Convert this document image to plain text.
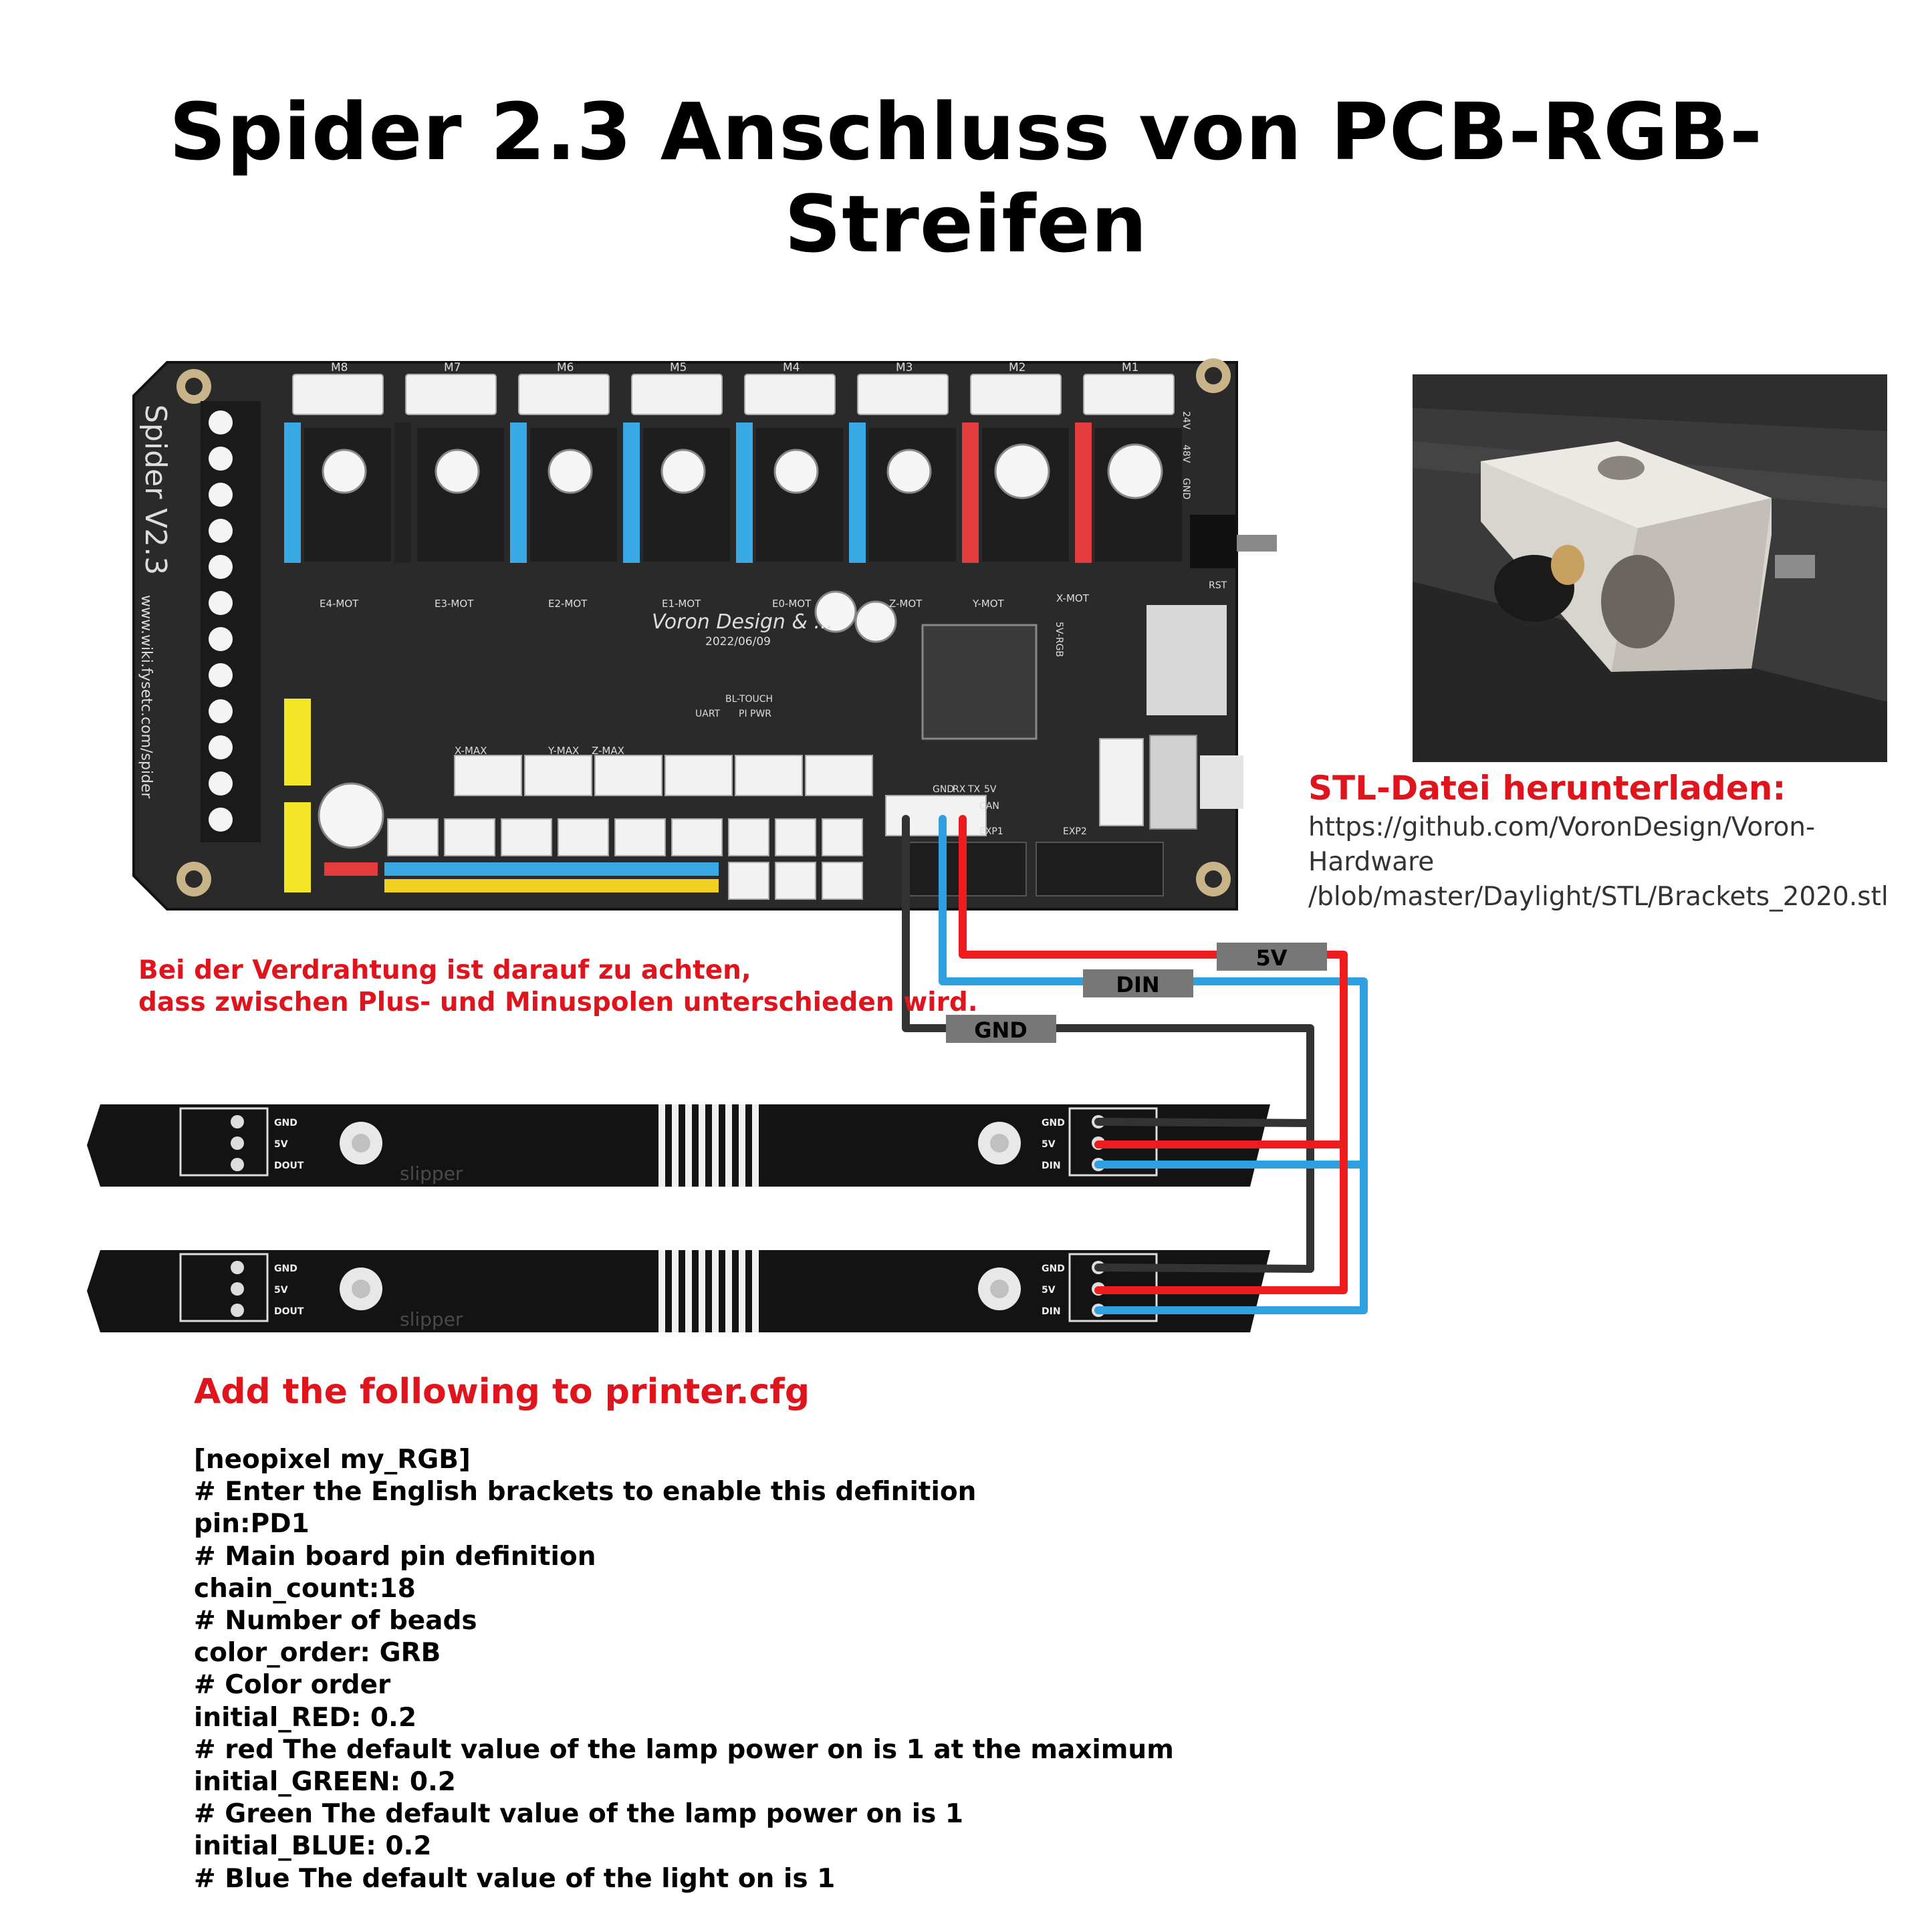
Spider 2.3 Anschluss von PCB-RGB-Streifen
Spider V2.3
www.wiki.fysetc.com/spider	Voron Design & ...
2022/06/09
M8	M7	M6	M5	M4	M3	M2	M1
E4-MOT	E3-MOT	E2-MOT	E1-MOT	E0-MOT	Z-MOT	Y-MOT	X-MOT
X-MAX	Y-MAX Z-MAX
GND
RX TX 5V
RST
UART
BL-TOUCH
PI PWR
EXP1	EXP2
CAN
24V
48V
GND
5V-RGB
GND
5V
DOUT
GND
5V
DIN
slipper
GND
5V
DOUT
GND
5V
DIN
slipper
5V
DIN
GND
STL-Datei herunterladen:
https://github.com/VoronDesign/Voron-Hardware
/blob/master/Daylight/STL/Brackets_2020.stl
Bei der Verdrahtung ist darauf zu achten,
dass zwischen Plus- und Minuspolen unterschieden wird.
Add the following to printer.cfg
[neopixel my_RGB]
# Enter the English brackets to enable this definition
pin:PD1
# Main board pin definition
chain_count:18
# Number of beads
color_order: GRB
# Color order
initial_RED: 0.2
# red The default value of the lamp power on is 1 at the maximum
initial_GREEN: 0.2
# Green The default value of the lamp power on is 1
initial_BLUE: 0.2
# Blue The default value of the light on is 1
